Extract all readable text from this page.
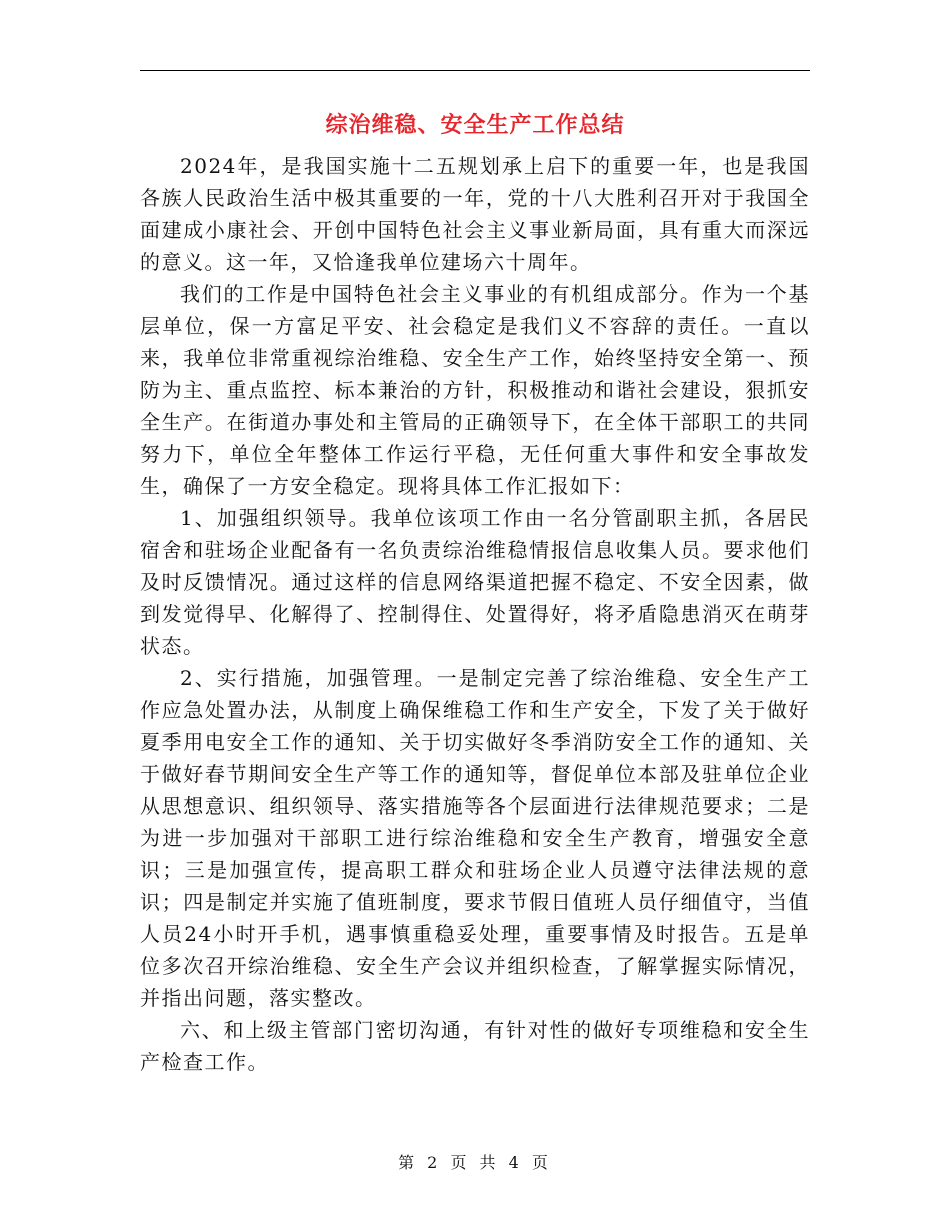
综治维稳、安全生产工作总结

2024年，是我国实施十二五规划承上启下的重要一年，也是我国各族人民政治生活中极其重要的一年，党的十八大胜利召开对于我国全面建成小康社会、开创中国特色社会主义事业新局面，具有重大而深远的意义。这一年，又恰逢我单位建场六十周年。

我们的工作是中国特色社会主义事业的有机组成部分。作为一个基层单位，保一方富足平安、社会稳定是我们义不容辞的责任。一直以来，我单位非常重视综治维稳、安全生产工作，始终坚持安全第一、预防为主、重点监控、标本兼治的方针，积极推动和谐社会建设，狠抓安全生产。在街道办事处和主管局的正确领导下，在全体干部职工的共同努力下，单位全年整体工作运行平稳，无任何重大事件和安全事故发生，确保了一方安全稳定。现将具体工作汇报如下：

1、加强组织领导。我单位该项工作由一名分管副职主抓，各居民宿舍和驻场企业配备有一名负责综治维稳情报信息收集人员。要求他们及时反馈情况。通过这样的信息网络渠道把握不稳定、不安全因素，做到发觉得早、化解得了、控制得住、处置得好，将矛盾隐患消灭在萌芽状态。

2、实行措施，加强管理。一是制定完善了综治维稳、安全生产工作应急处置办法，从制度上确保维稳工作和生产安全，下发了关于做好夏季用电安全工作的通知、关于切实做好冬季消防安全工作的通知、关于做好春节期间安全生产等工作的通知等，督促单位本部及驻单位企业从思想意识、组织领导、落实措施等各个层面进行法律规范要求；二是为进一步加强对干部职工进行综治维稳和安全生产教育，增强安全意识；三是加强宣传，提高职工群众和驻场企业人员遵守法律法规的意识；四是制定并实施了值班制度，要求节假日值班人员仔细值守，当值人员24小时开手机，遇事慎重稳妥处理，重要事情及时报告。五是单位多次召开综治维稳、安全生产会议并组织检查，了解掌握实际情况，并指出问题，落实整改。

六、和上级主管部门密切沟通，有针对性的做好专项维稳和安全生产检查工作。

第 2 页 共 4 页
